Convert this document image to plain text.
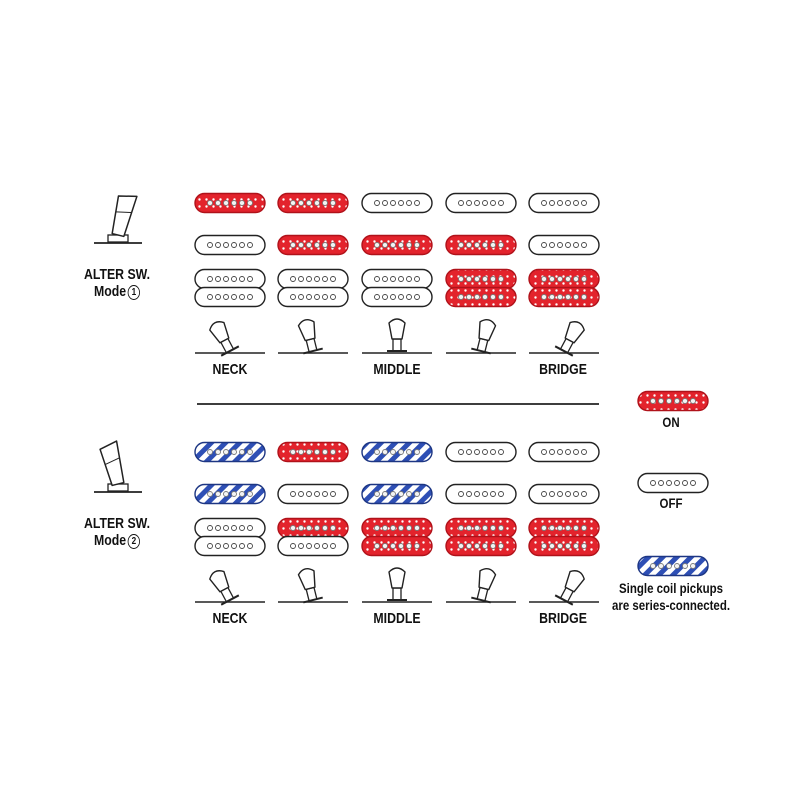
ALTER SW.
Mode 1
ALTER SW.
Mode 2
NECK	MIDDLE	BRIDGE
NECK	MIDDLE	BRIDGE
ON
OFF
Single coil pickups
are series-connected.
